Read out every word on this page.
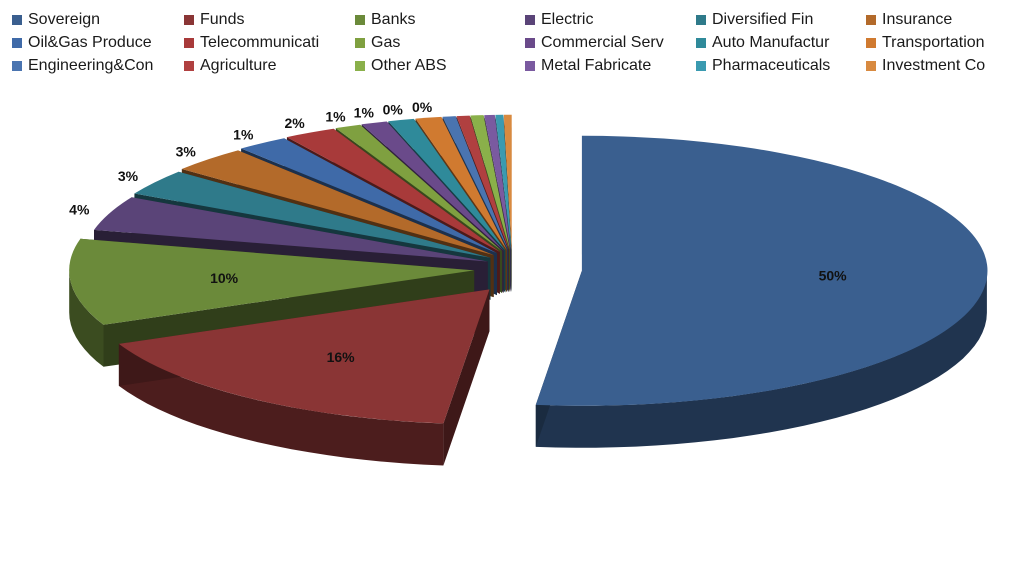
Sovereign	Funds	Banks	Electric	Diversified Fin	Insurance
Oil&Gas Produce	Telecommunicati	Gas	Commercial Serv	Auto Manufactur	Transportation
Engineering&Con	Agriculture	Other ABS	Metal Fabricate	Pharmaceuticals	Investment Co
50%
16%
10%
4%
3%
3%
1%
2% 1% 1% 0% 0%
